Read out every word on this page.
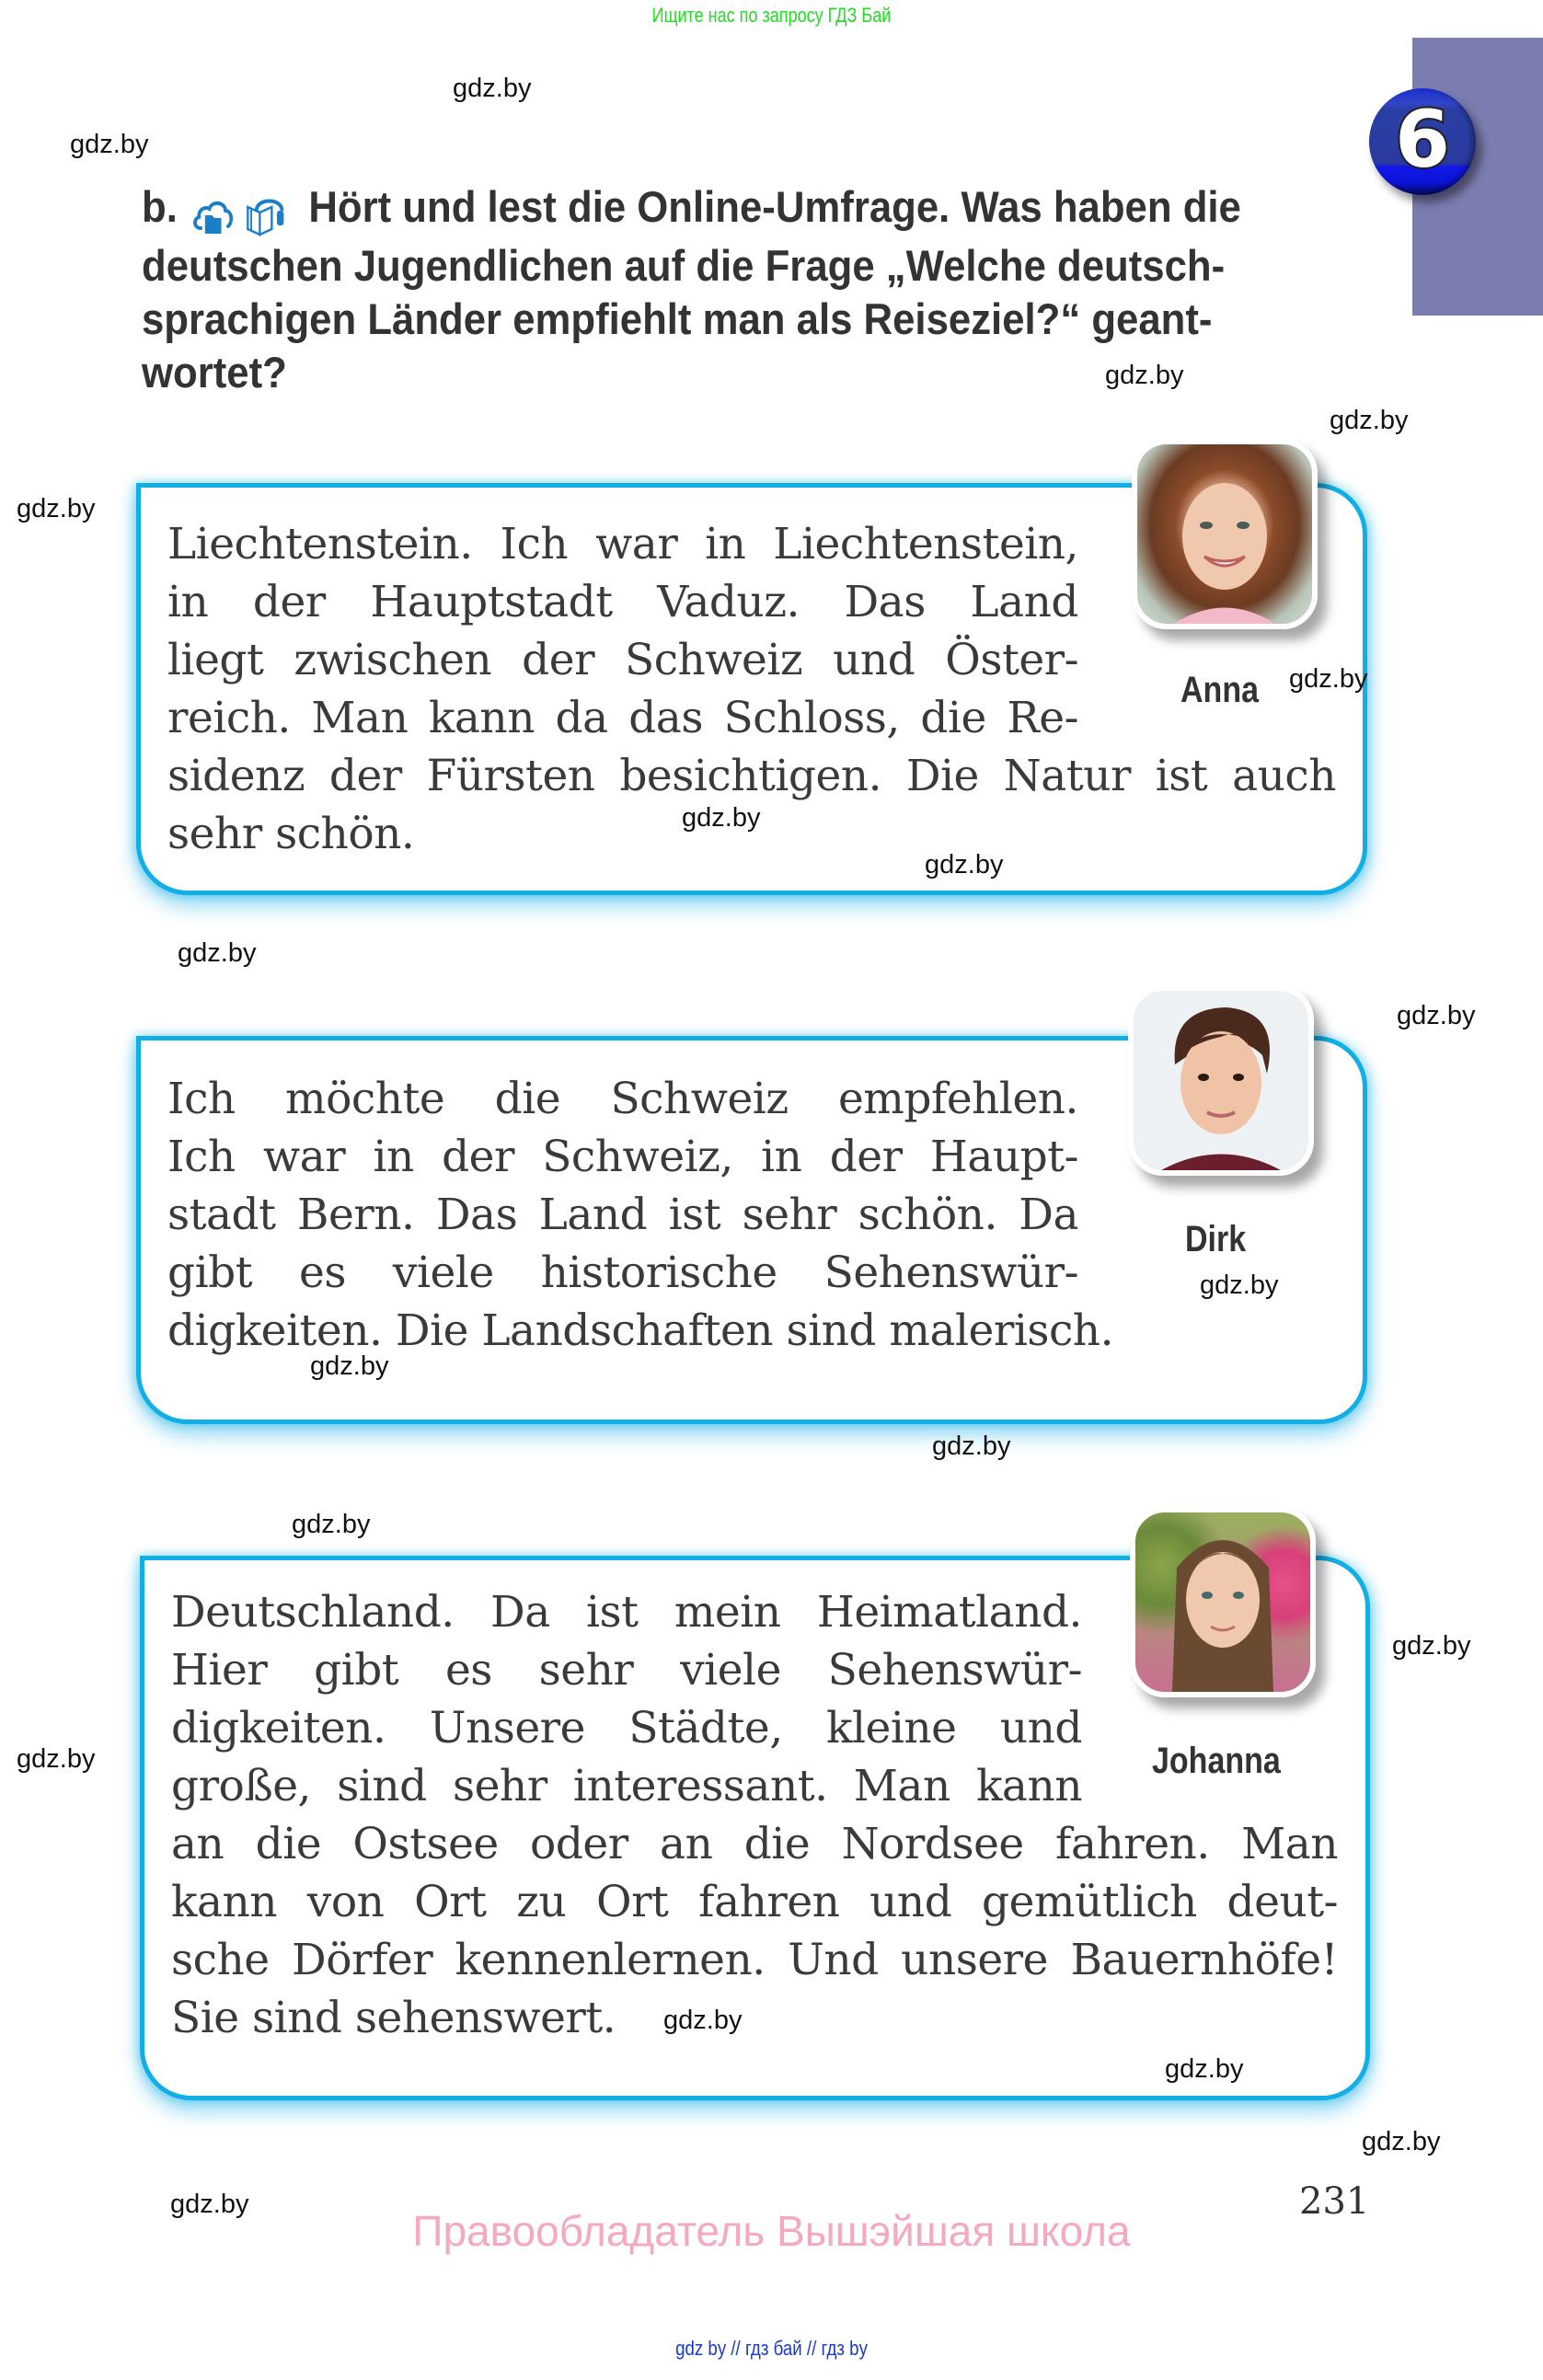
Ищите нас по запросу ГДЗ Бай
6
b.	Hört und lest die Online-Umfrage. Was haben die
deutschen Jugendlichen auf die Frage „Welche deutsch-
sprachigen Länder empfiehlt man als Reiseziel?“ geant-
wortet?
Liechtenstein. Ich war in Liechtenstein,
in der Hauptstadt Vaduz. Das Land
liegt zwischen der Schweiz und Öster-
reich. Man kann da das Schloss, die Re-
sidenz der Fürsten besichtigen. Die Natur ist auch
sehr schön.
Anna
Ich möchte die Schweiz empfehlen.
Ich war in der Schweiz, in der Haupt-
stadt Bern. Das Land ist sehr schön. Da
gibt es viele historische Sehenswür-
digkeiten. Die Landschaften sind malerisch.
Dirk
Deutschland. Da ist mein Heimatland.
Hier gibt es sehr viele Sehenswür-
digkeiten. Unsere Städte, kleine und
große, sind sehr interessant. Man kann
an die Ostsee oder an die Nordsee fahren. Man
kann von Ort zu Ort fahren und gemütlich deut-
sche Dörfer kennenlernen. Und unsere Bauernhöfe!
Sie sind sehenswert.
Johanna
gdz.by
gdz.by
gdz.by
gdz.by
gdz.by
gdz.by
gdz.by
gdz.by
gdz.by
gdz.by
gdz.by
gdz.by
gdz.by
gdz.by
gdz.by
gdz.by
gdz.by
gdz.by
gdz.by
gdz.by	231
Правообладатель Вышэйшая школа
gdz by // гдз бай // гдз by
